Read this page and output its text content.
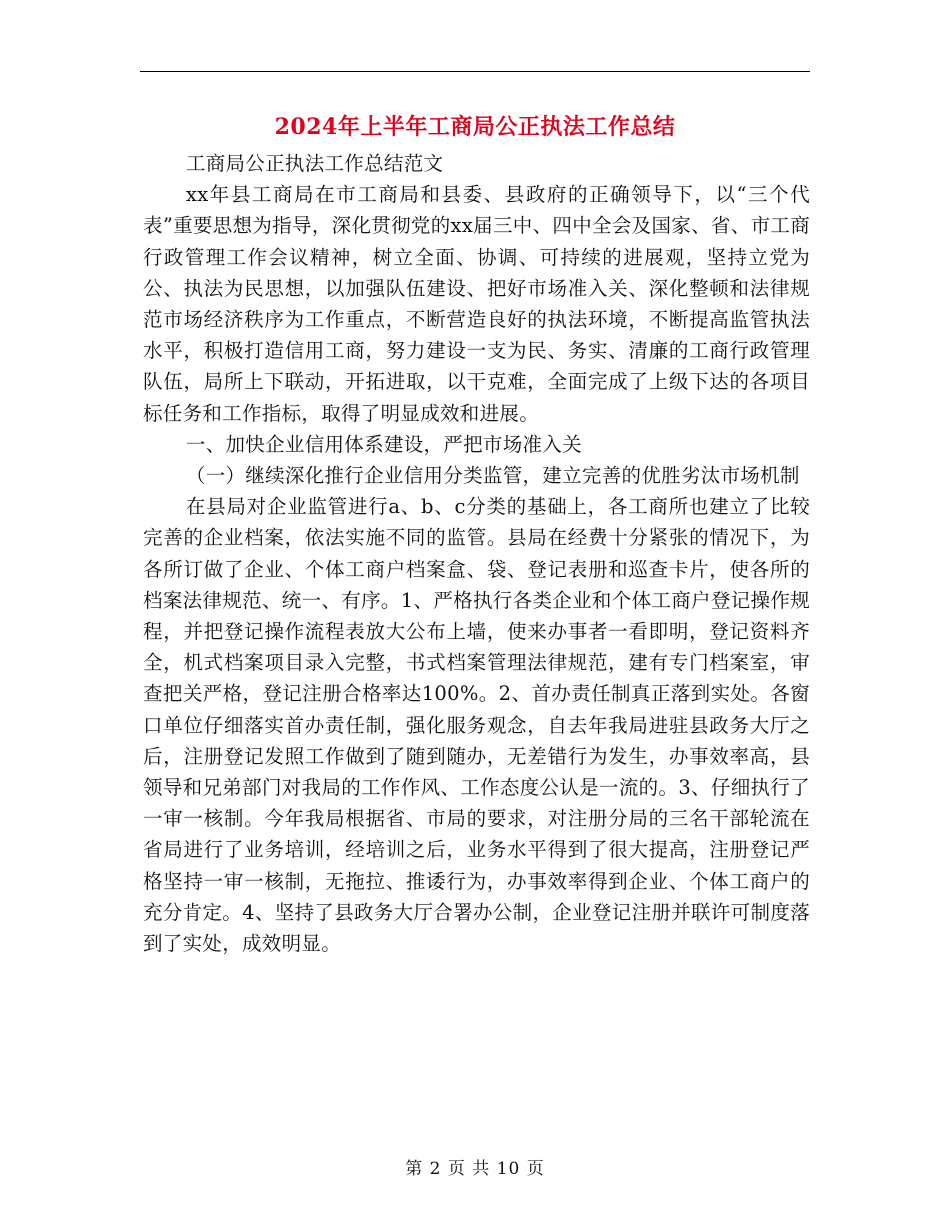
2024年上半年工商局公正执法工作总结

工商局公正执法工作总结范文

xx年县工商局在市工商局和县委、县政府的正确领导下，以“三个代表”重要思想为指导，深化贯彻党的xx届三中、四中全会及国家、省、市工商行政管理工作会议精神，树立全面、协调、可持续的进展观，坚持立党为公、执法为民思想，以加强队伍建设、把好市场准入关、深化整顿和法律规范市场经济秩序为工作重点，不断营造良好的执法环境，不断提高监管执法水平，积极打造信用工商，努力建设一支为民、务实、清廉的工商行政管理队伍，局所上下联动，开拓进取，以干克难，全面完成了上级下达的各项目标任务和工作指标，取得了明显成效和进展。

一、加快企业信用体系建设，严把市场准入关

（一）继续深化推行企业信用分类监管，建立完善的优胜劣汰市场机制

在县局对企业监管进行a、b、c分类的基础上，各工商所也建立了比较完善的企业档案，依法实施不同的监管。县局在经费十分紧张的情况下，为各所订做了企业、个体工商户档案盒、袋、登记表册和巡查卡片，使各所的档案法律规范、统一、有序。1、严格执行各类企业和个体工商户登记操作规程，并把登记操作流程表放大公布上墙，使来办事者一看即明，登记资料齐全，机式档案项目录入完整，书式档案管理法律规范，建有专门档案室，审查把关严格，登记注册合格率达100%。2、首办责任制真正落到实处。各窗口单位仔细落实首办责任制，强化服务观念，自去年我局进驻县政务大厅之后，注册登记发照工作做到了随到随办，无差错行为发生，办事效率高，县领导和兄弟部门对我局的工作作风、工作态度公认是一流的。3、仔细执行了一审一核制。今年我局根据省、市局的要求，对注册分局的三名干部轮流在省局进行了业务培训，经培训之后，业务水平得到了很大提高，注册登记严格坚持一审一核制，无拖拉、推诿行为，办事效率得到企业、个体工商户的充分肯定。4、坚持了县政务大厅合署办公制，企业登记注册并联许可制度落到了实处，成效明显。

第 2 页 共 10 页
